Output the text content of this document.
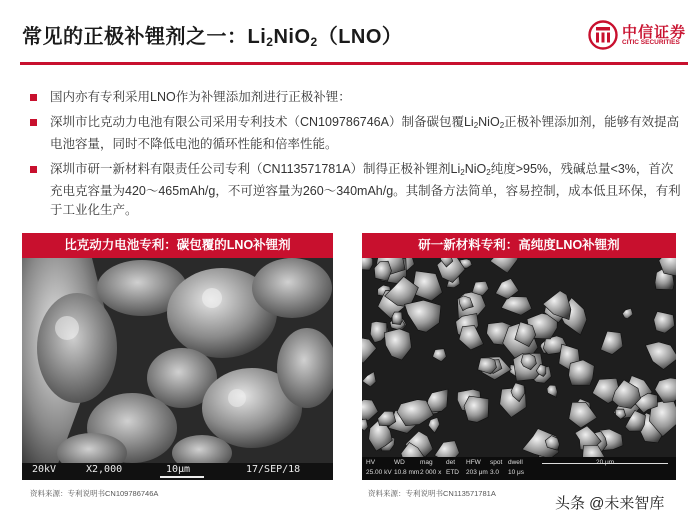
常见的正极补锂剂之一：$Li_2NiO_2(LNO)$	中信证券
CITIC SECURITIES
国内亦有专利采用LNO作为补锂添加剂进行正极补锂：
深圳市比克动力电池有限公司采用专利技术（CN109786746A）制备碳包覆$Li_2NiO_2$正极补锂添加剂，能够有效提高电池容量，同时不降低电池的循环性能和倍率性能。
深圳市研一新材料有限责任公司专利（CN113571781A）制得正极补锂剂$Li_2NiO_2$纯度>95%，残碱总量<3%，首次充电克容量为420～465mAh/g，不可逆容量为260～340mAh/g。其制备方法简单，容易控制，成本低且环保，有利于工业化生产。
比克动力电池专利：碳包覆的LNO补锂剂
20kV	X2,000	10μm	17/SEP/18
资料来源：专利说明书CN109786746A
研一新材料专利：高纯度LNO补锂剂
HV	WD mag det HFW spot dwell
25.00 kV 10.8 mm 2 000 x ETD 203 μm 3.0 10 μs
20 μm
资料来源：专利说明书CN113571781A
头条 @未来智库
